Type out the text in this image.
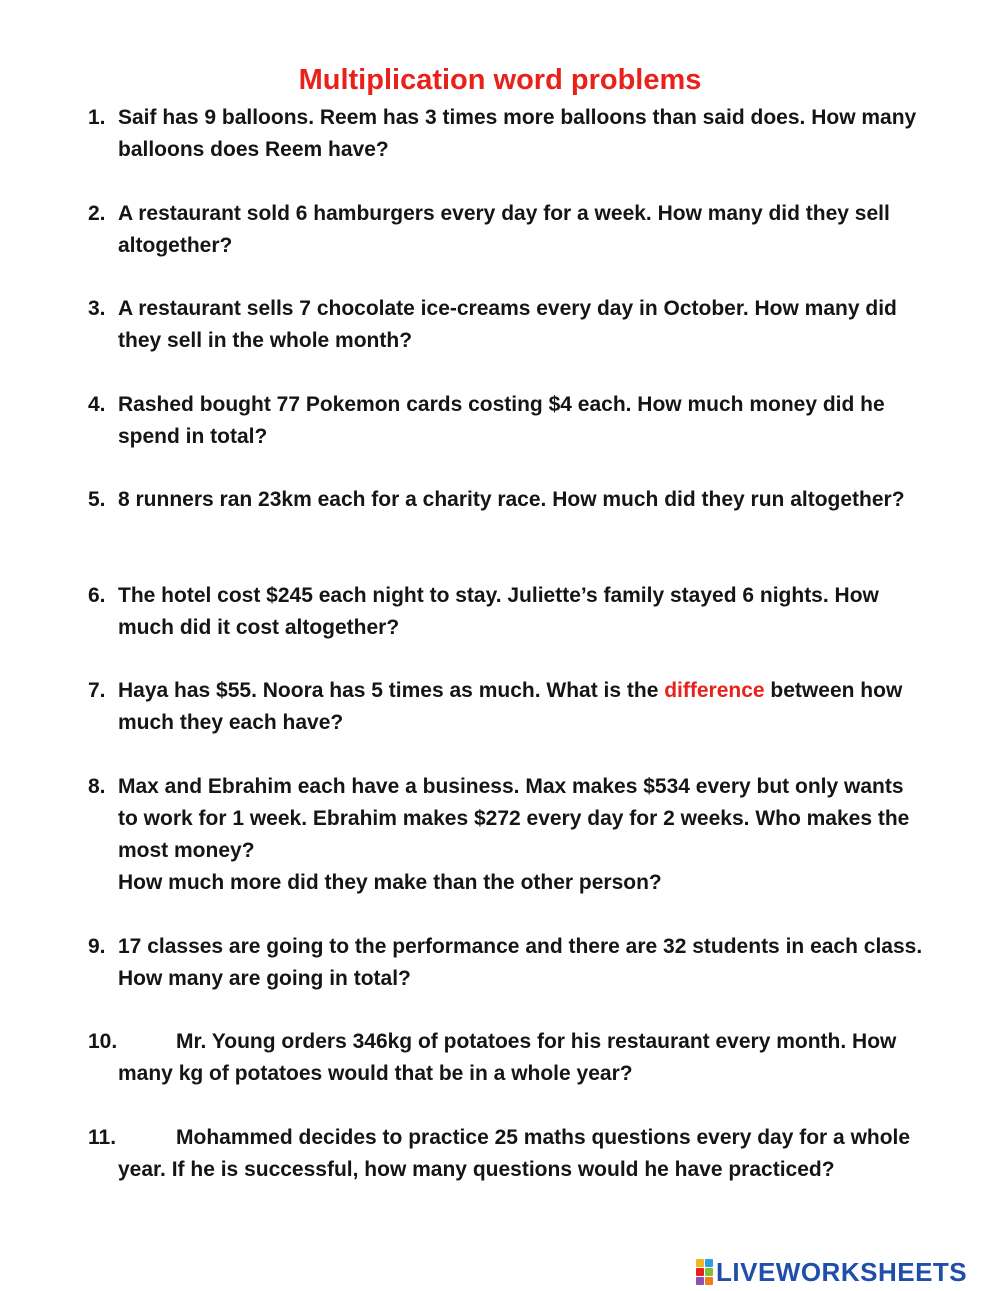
Multiplication word problems
1. Saif has 9 balloons. Reem has 3 times more balloons than said does. How many balloons does Reem have?
2. A restaurant sold 6 hamburgers every day for a week. How many did they sell altogether?
3. A restaurant sells 7 chocolate ice-creams every day in October. How many did they sell in the whole month?
4. Rashed bought 77 Pokemon cards costing $4 each. How much money did he spend in total?
5. 8 runners ran 23km each for a charity race. How much did they run altogether?
6. The hotel cost $245 each night to stay. Juliette’s family stayed 6 nights. How much did it cost altogether?
7. Haya has $55. Noora has 5 times as much. What is the difference between how much they each have?
8. Max and Ebrahim each have a business. Max makes $534 every but only wants to work for 1 week. Ebrahim makes $272 every day for 2 weeks. Who makes the most money?
How much more did they make than the other person?
9. 17 classes are going to the performance and there are 32 students in each class. How many are going in total?
10.	Mr. Young orders 346kg of potatoes for his restaurant every month. How many kg of potatoes would that be in a whole year?
11.	Mohammed decides to practice 25 maths questions every day for a whole year. If he is successful, how many questions would he have practiced?
LIVEWORKSHEETS
